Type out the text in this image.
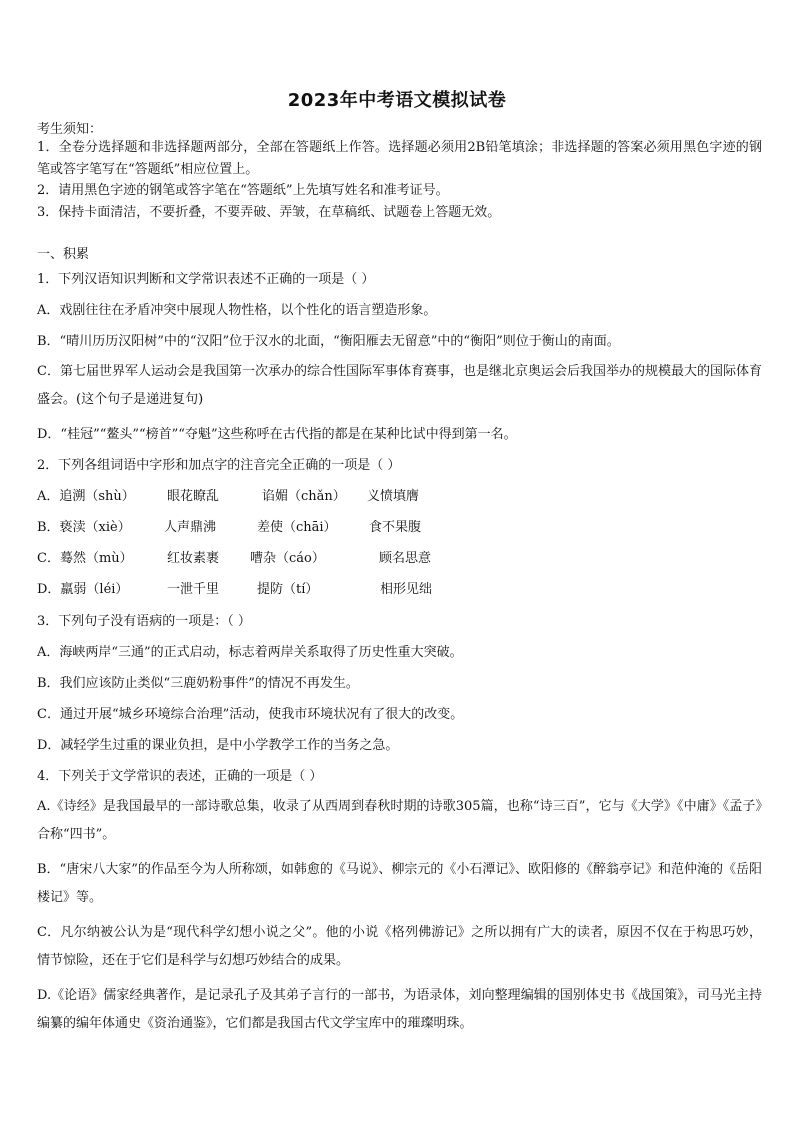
2023年中考语文模拟试卷
考生须知：
1．全卷分选择题和非选择题两部分，全部在答题纸上作答。选择题必须用2B铅笔填涂；非选择题的答案必须用黑色字迹的钢笔或答字笔写在“答题纸”相应位置上。
2．请用黑色字迹的钢笔或答字笔在“答题纸”上先填写姓名和准考证号。
3．保持卡面清洁，不要折叠，不要弄破、弄皱，在草稿纸、试题卷上答题无效。
一、积累
1．下列汉语知识判断和文学常识表述不正确的一项是（ ）
A．戏剧往往在矛盾冲突中展现人物性格，以个性化的语言塑造形象。
B．“晴川历历汉阳树”中的“汉阳”位于汉水的北面，“衡阳雁去无留意”中的“衡阳”则位于衡山的南面。
C．第七届世界军人运动会是我国第一次承办的综合性国际军事体育赛事，也是继北京奥运会后我国举办的规模最大的国际体育盛会。(这个句子是递进复句)
D．“桂冠”“鳌头”“榜首”“夺魁”这些称呼在古代指的都是在某种比试中得到第一名。
2．下列各组词语中字形和加点字的注音完全正确的一项是（ ）
A．追溯（shù） 眼花瞭乱	谄媚（chǎn） 义愤填膺
B．亵渎（xiè）	人声鼎沸	差使（chāi） 食不果腹
C．蓦然（mù）	红妆素裹 嘈杂（cáo）	顾名思意
D．羸弱（léi）	一泄千里	提防（tí）	相形见绌
3．下列句子没有语病的一项是：（ ）
A．海峡两岸“三通”的正式启动，标志着两岸关系取得了历史性重大突破。
B．我们应该防止类似“三鹿奶粉事件”的情况不再发生。
C．通过开展“城乡环境综合治理”活动，使我市环境状况有了很大的改变。
D．减轻学生过重的课业负担，是中小学教学工作的当务之急。
4．下列关于文学常识的表述，正确的一项是（ ）
A.《诗经》是我国最早的一部诗歌总集，收录了从西周到春秋时期的诗歌305篇，也称“诗三百”，它与《大学》《中庸》《孟子》合称“四书”。
B．“唐宋八大家”的作品至今为人所称颂，如韩愈的《马说》、柳宗元的《小石潭记》、欧阳修的《醉翁亭记》和范仲淹的《岳阳楼记》等。
C．凡尔纳被公认为是“现代科学幻想小说之父”。他的小说《格列佛游记》之所以拥有广大的读者，原因不仅在于构思巧妙，情节惊险，还在于它们是科学与幻想巧妙结合的成果。
D.《论语》儒家经典著作，是记录孔子及其弟子言行的一部书，为语录体，刘向整理编辑的国别体史书《战国策》，司马光主持编纂的编年体通史《资治通鉴》，它们都是我国古代文学宝库中的璀璨明珠。
